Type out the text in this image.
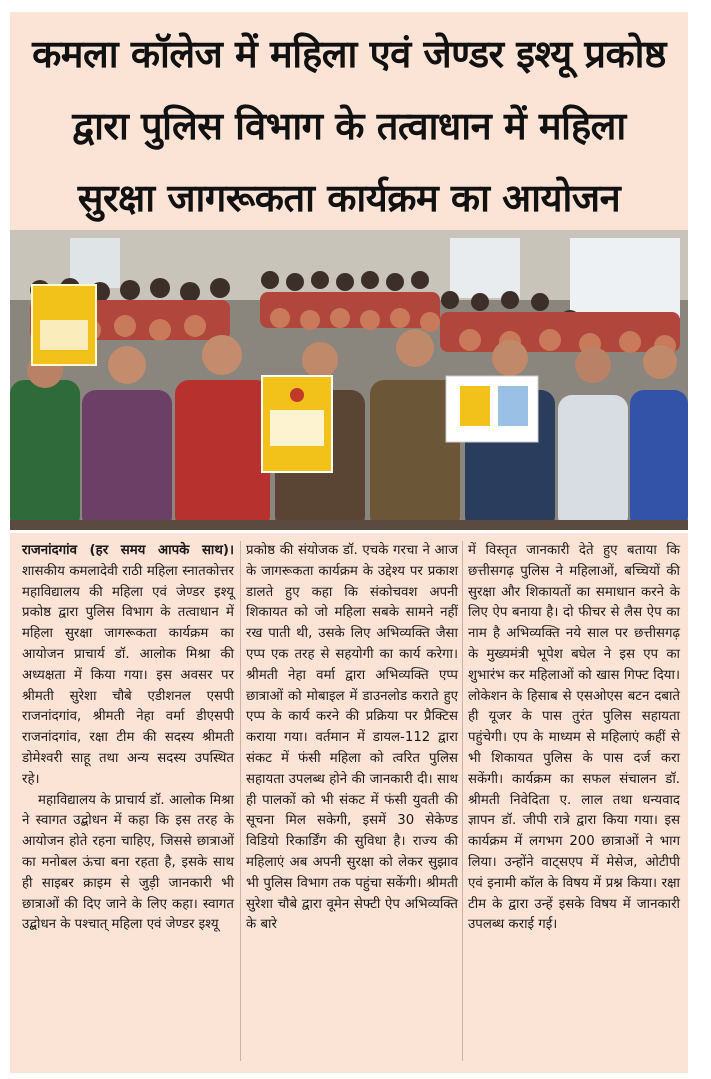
कमला कॉलेज में महिला एवं जेण्डर इश्यू प्रकोष्ठ
द्वारा पुलिस विभाग के तत्वाधान में महिला
सुरक्षा जागरूकता कार्यक्रम का आयोजन

राजनांदगांव (हर समय आपके साथ)। शासकीय कमलादेवी राठी महिला स्नातकोत्तर महाविद्यालय की महिला एवं जेण्डर इश्यू प्रकोष्ठ द्वारा पुलिस विभाग के तत्वाधान में महिला सुरक्षा जागरूकता कार्यक्रम का आयोजन प्राचार्य डॉ. आलोक मिश्रा की अध्यक्षता में किया गया। इस अवसर पर श्रीमती सुरेशा चौबे एडीशनल एसपी राजनांदगांव, श्रीमती नेहा वर्मा डीएसपी राजनांदगांव, रक्षा टीम की सदस्य श्रीमती डोमेश्वरी साहू तथा अन्य सदस्य उपस्थित रहे।

महाविद्यालय के प्राचार्य डॉ. आलोक मिश्रा ने स्वागत उद्बोधन में कहा कि इस तरह के आयोजन होते रहना चाहिए, जिससे छात्राओं का मनोबल ऊंचा बना रहता है, इसके साथ ही साइबर क्राइम से जुड़ी जानकारी भी छात्राओं की दिए जाने के लिए कहा। स्वागत उद्बोधन के पश्चात् महिला एवं जेण्डर इश्यू

प्रकोष्ठ की संयोजक डॉ. एचके गरचा ने आज के जागरूकता कार्यक्रम के उद्देश्य पर प्रकाश डालते हुए कहा कि संकोचवश अपनी शिकायत को जो महिला सबके सामने नहीं रख पाती थी, उसके लिए अभिव्यक्ति जैसा एप्प एक तरह से सहयोगी का कार्य करेगा। श्रीमती नेहा वर्मा द्वारा अभिव्यक्ति एप्प छात्राओं को मोबाइल में डाउनलोड कराते हुए एप्प के कार्य करने की प्रक्रिया पर प्रैक्टिस कराया गया। वर्तमान में डायल-112 द्वारा संकट में फंसी महिला को त्वरित पुलिस सहायता उपलब्ध होने की जानकारी दी। साथ ही पालकों को भी संकट में फंसी युवती की सूचना मिल सकेगी, इसमें 30 सेकेण्ड विडियो रिकार्डिंग की सुविधा है। राज्य की महिलाएं अब अपनी सुरक्षा को लेकर सुझाव भी पुलिस विभाग तक पहुंचा सकेंगी। श्रीमती सुरेशा चौबे द्वारा वूमेन सेफ्टी ऐप अभिव्यक्ति के बारे

में विस्तृत जानकारी देते हुए बताया कि छत्तीसगढ़ पुलिस ने महिलाओं, बच्चियों की सुरक्षा और शिकायतों का समाधान करने के लिए ऐप बनाया है। दो फीचर से लैस ऐप का नाम है अभिव्यक्ति नये साल पर छत्तीसगढ़ के मुख्यमंत्री भूपेश बघेल ने इस एप का शुभारंभ कर महिलाओं को खास गिफ्ट दिया। लोकेशन के हिसाब से एसओएस बटन दबाते ही यूजर के पास तुरंत पुलिस सहायता पहुंचेगी। एप के माध्यम से महिलाएं कहीं से भी शिकायत पुलिस के पास दर्ज करा सकेंगी। कार्यक्रम का सफल संचालन डॉ. श्रीमती निवेदिता ए. लाल तथा धन्यवाद ज्ञापन डॉ. जीपी रात्रे द्वारा किया गया। इस कार्यक्रम में लगभग 200 छात्राओं ने भाग लिया। उन्होंने वाट्सएप में मेसेज, ओटीपी एवं इनामी कॉल के विषय में प्रश्न किया। रक्षा टीम के द्वारा उन्हें इसके विषय में जानकारी उपलब्ध कराई गई।
